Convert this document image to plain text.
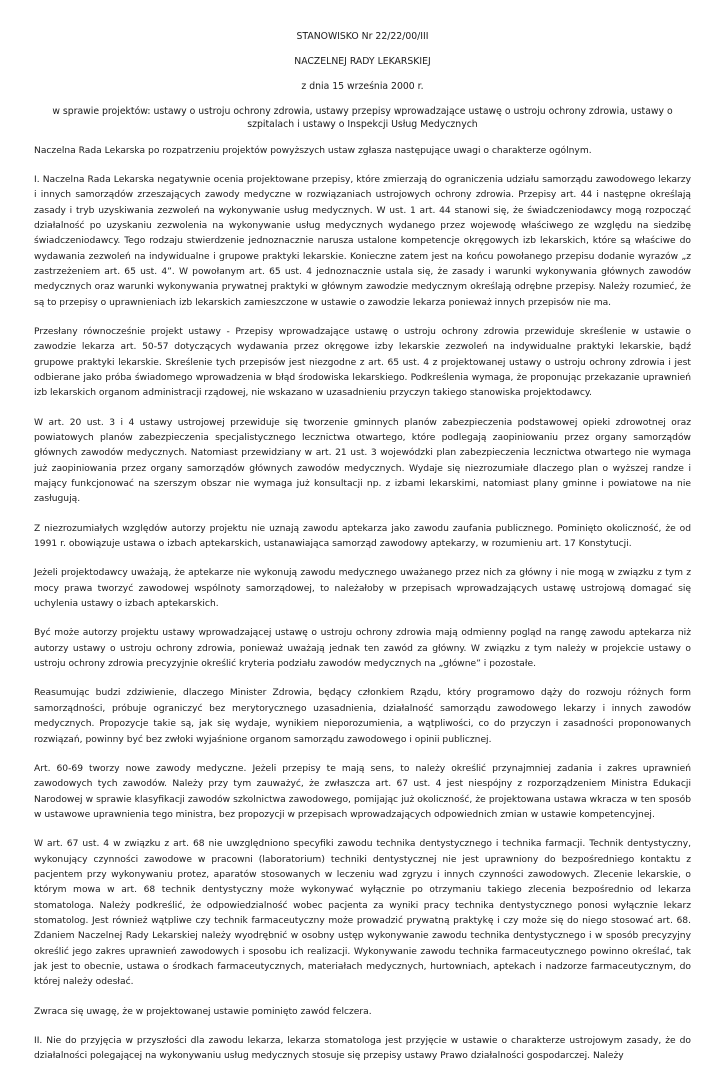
STANOWISKO Nr 22/22/00/III

NACZELNEJ RADY LEKARSKIEJ

z dnia 15 września 2000 r.

w sprawie projektów: ustawy o ustroju ochrony zdrowia, ustawy przepisy wprowadzające ustawę o ustroju ochrony zdrowia, ustawy o szpitalach i ustawy o Inspekcji Usług Medycznych

Naczelna Rada Lekarska po rozpatrzeniu projektów powyższych ustaw zgłasza następujące uwagi o charakterze ogólnym.

I. Naczelna Rada Lekarska negatywnie ocenia projektowane przepisy, które zmierzają do ograniczenia udziału samorządu zawodowego lekarzy i innych samorządów zrzeszających zawody medyczne w rozwiązaniach ustrojowych ochrony zdrowia. Przepisy art. 44 i następne określają zasady i tryb uzyskiwania zezwoleń na wykonywanie usług medycznych. W ust. 1 art. 44 stanowi się, że świadczeniodawcy mogą rozpocząć działalność po uzyskaniu zezwolenia na wykonywanie usług medycznych wydanego przez wojewodę właściwego ze względu na siedzibę świadczeniodawcy. Tego rodzaju stwierdzenie jednoznacznie narusza ustalone kompetencje okręgowych izb lekarskich, które są właściwe do wydawania zezwoleń na indywidualne i grupowe praktyki lekarskie. Konieczne zatem jest na końcu powołanego przepisu dodanie wyrazów „z zastrzeżeniem art. 65 ust. 4”. W powołanym art. 65 ust. 4 jednoznacznie ustala się, że zasady i warunki wykonywania głównych zawodów medycznych oraz warunki wykonywania prywatnej praktyki w głównym zawodzie medycznym określają odrębne przepisy. Należy rozumieć, że są to przepisy o uprawnieniach izb lekarskich zamieszczone w ustawie o zawodzie lekarza ponieważ innych przepisów nie ma.

Przesłany równocześnie projekt ustawy - Przepisy wprowadzające ustawę o ustroju ochrony zdrowia przewiduje skreślenie w ustawie o zawodzie lekarza art. 50-57 dotyczących wydawania przez okręgowe izby lekarskie zezwoleń na indywidualne praktyki lekarskie, bądź grupowe praktyki lekarskie. Skreślenie tych przepisów jest niezgodne z art. 65 ust. 4 z projektowanej ustawy o ustroju ochrony zdrowia i jest odbierane jako próba świadomego wprowadzenia w błąd środowiska lekarskiego. Podkreślenia wymaga, że proponując przekazanie uprawnień izb lekarskich organom administracji rządowej, nie wskazano w uzasadnieniu przyczyn takiego stanowiska projektodawcy.

W art. 20 ust. 3 i 4 ustawy ustrojowej przewiduje się tworzenie gminnych planów zabezpieczenia podstawowej opieki zdrowotnej oraz powiatowych planów zabezpieczenia specjalistycznego lecznictwa otwartego, które podlegają zaopiniowaniu przez organy samorządów głównych zawodów medycznych. Natomiast przewidziany w art. 21 ust. 3 wojewódzki plan zabezpieczenia lecznictwa otwartego nie wymaga już zaopiniowania przez organy samorządów głównych zawodów medycznych. Wydaje się niezrozumiałe dlaczego plan o wyższej randze i mający funkcjonować na szerszym obszar nie wymaga już konsultacji np. z izbami lekarskimi, natomiast plany gminne i powiatowe na nie zasługują.

Z niezrozumiałych względów autorzy projektu nie uznają zawodu aptekarza jako zawodu zaufania publicznego. Pominięto okoliczność, że od 1991 r. obowiązuje ustawa o izbach aptekarskich, ustanawiająca samorząd zawodowy aptekarzy, w rozumieniu art. 17 Konstytucji.

Jeżeli projektodawcy uważają, że aptekarze nie wykonują zawodu medycznego uważanego przez nich za główny i nie mogą w związku z tym z mocy prawa tworzyć zawodowej wspólnoty samorządowej, to należałoby w przepisach wprowadzających ustawę ustrojową domagać się uchylenia ustawy o izbach aptekarskich.

Być może autorzy projektu ustawy wprowadzającej ustawę o ustroju ochrony zdrowia mają odmienny pogląd na rangę zawodu aptekarza niż autorzy ustawy o ustroju ochrony zdrowia, ponieważ uważają jednak ten zawód za główny. W związku z tym należy w projekcie ustawy o ustroju ochrony zdrowia precyzyjnie określić kryteria podziału zawodów medycznych na „główne” i pozostałe.

Reasumując budzi zdziwienie, dlaczego Minister Zdrowia, będący członkiem Rządu, który programowo dąży do rozwoju różnych form samorządności, próbuje ograniczyć bez merytorycznego uzasadnienia, działalność samorządu zawodowego lekarzy i innych zawodów medycznych. Propozycje takie są, jak się wydaje, wynikiem nieporozumienia, a wątpliwości, co do przyczyn i zasadności proponowanych rozwiązań, powinny być bez zwłoki wyjaśnione organom samorządu zawodowego i opinii publicznej.

Art. 60-69 tworzy nowe zawody medyczne. Jeżeli przepisy te mają sens, to należy określić przynajmniej zadania i zakres uprawnień zawodowych tych zawodów. Należy przy tym zauważyć, że zwłaszcza art. 67 ust. 4 jest niespójny z rozporządzeniem Ministra Edukacji Narodowej w sprawie klasyfikacji zawodów szkolnictwa zawodowego, pomijając już okoliczność, że projektowana ustawa wkracza w ten sposób w ustawowe uprawnienia tego ministra, bez propozycji w przepisach wprowadzających odpowiednich zmian w ustawie kompetencyjnej.

W art. 67 ust. 4 w związku z art. 68 nie uwzględniono specyfiki zawodu technika dentystycznego i technika farmacji. Technik dentystyczny, wykonujący czynności zawodowe w pracowni (laboratorium) techniki dentystycznej nie jest uprawniony do bezpośredniego kontaktu z pacjentem przy wykonywaniu protez, aparatów stosowanych w leczeniu wad zgryzu i innych czynności zawodowych. Zlecenie lekarskie, o którym mowa w art. 68 technik dentystyczny może wykonywać wyłącznie po otrzymaniu takiego zlecenia bezpośrednio od lekarza stomatologa. Należy podkreślić, że odpowiedzialność wobec pacjenta za wyniki pracy technika dentystycznego ponosi wyłącznie lekarz stomatolog. Jest również wątpliwe czy technik farmaceutyczny może prowadzić prywatną praktykę i czy może się do niego stosować art. 68. Zdaniem Naczelnej Rady Lekarskiej należy wyodrębnić w osobny ustęp wykonywanie zawodu technika dentystycznego i w sposób precyzyjny określić jego zakres uprawnień zawodowych i sposobu ich realizacji. Wykonywanie zawodu technika farmaceutycznego powinno określać, tak jak jest to obecnie, ustawa o środkach farmaceutycznych, materiałach medycznych, hurtowniach, aptekach i nadzorze farmaceutycznym, do której należy odesłać.

Zwraca się uwagę, że w projektowanej ustawie pominięto zawód felczera.

II. Nie do przyjęcia w przyszłości dla zawodu lekarza, lekarza stomatologa jest przyjęcie w ustawie o charakterze ustrojowym zasady, że do działalności polegającej na wykonywaniu usług medycznych stosuje się przepisy ustawy Prawo działalności gospodarczej. Należy
